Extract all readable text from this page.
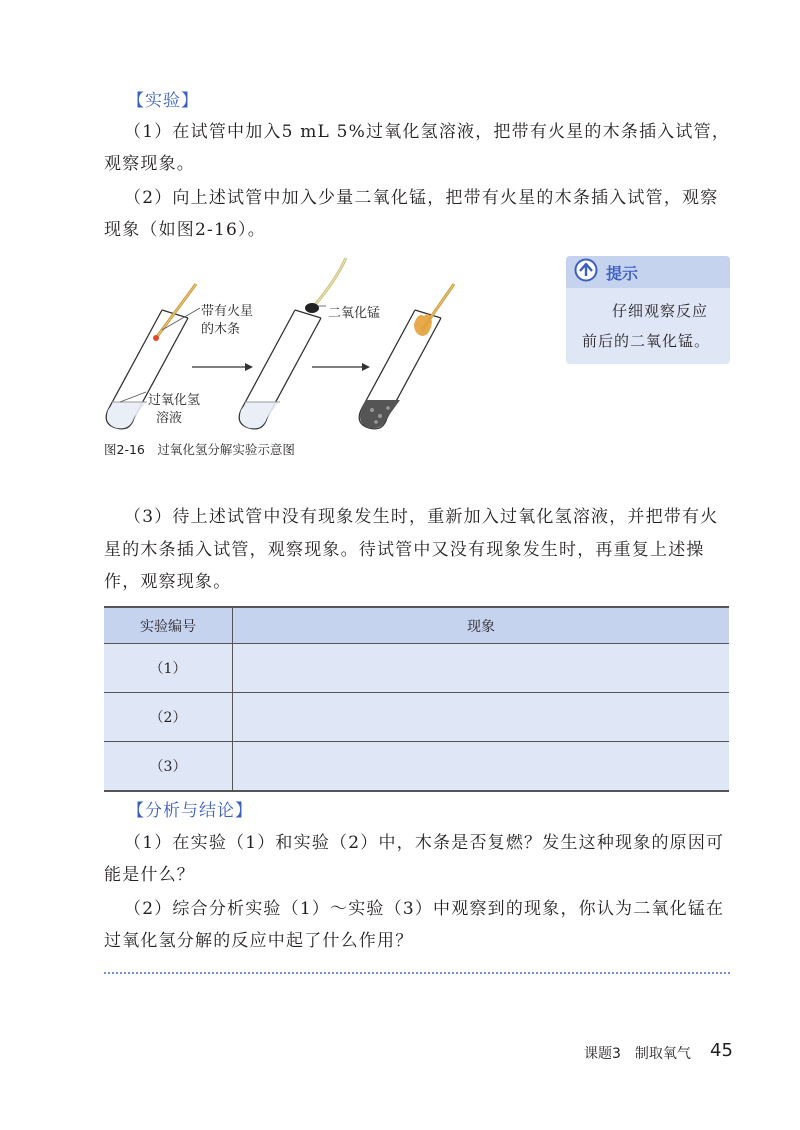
【实验】
（1）在试管中加入5 mL 5%过氧化氢溶液，把带有火星的木条插入试管，
观察现象。
（2）向上述试管中加入少量二氧化锰，把带有火星的木条插入试管，观察
现象（如图2-16）。
带有火星
的木条
二氧化锰
过氧化氢
溶液
图2-16　过氧化氢分解实验示意图
提示
仔细观察反应
前后的二氧化锰。
（3）待上述试管中没有现象发生时，重新加入过氧化氢溶液，并把带有火
星的木条插入试管，观察现象。待试管中又没有现象发生时，再重复上述操
作，观察现象。
实验编号	现象
（1）	
（2）	
（3）	
【分析与结论】
（1）在实验（1）和实验（2）中，木条是否复燃？发生这种现象的原因可
能是什么？
（2）综合分析实验（1）～实验（3）中观察到的现象，你认为二氧化锰在
过氧化氢分解的反应中起了什么作用？
课题3　制取氧气 45
